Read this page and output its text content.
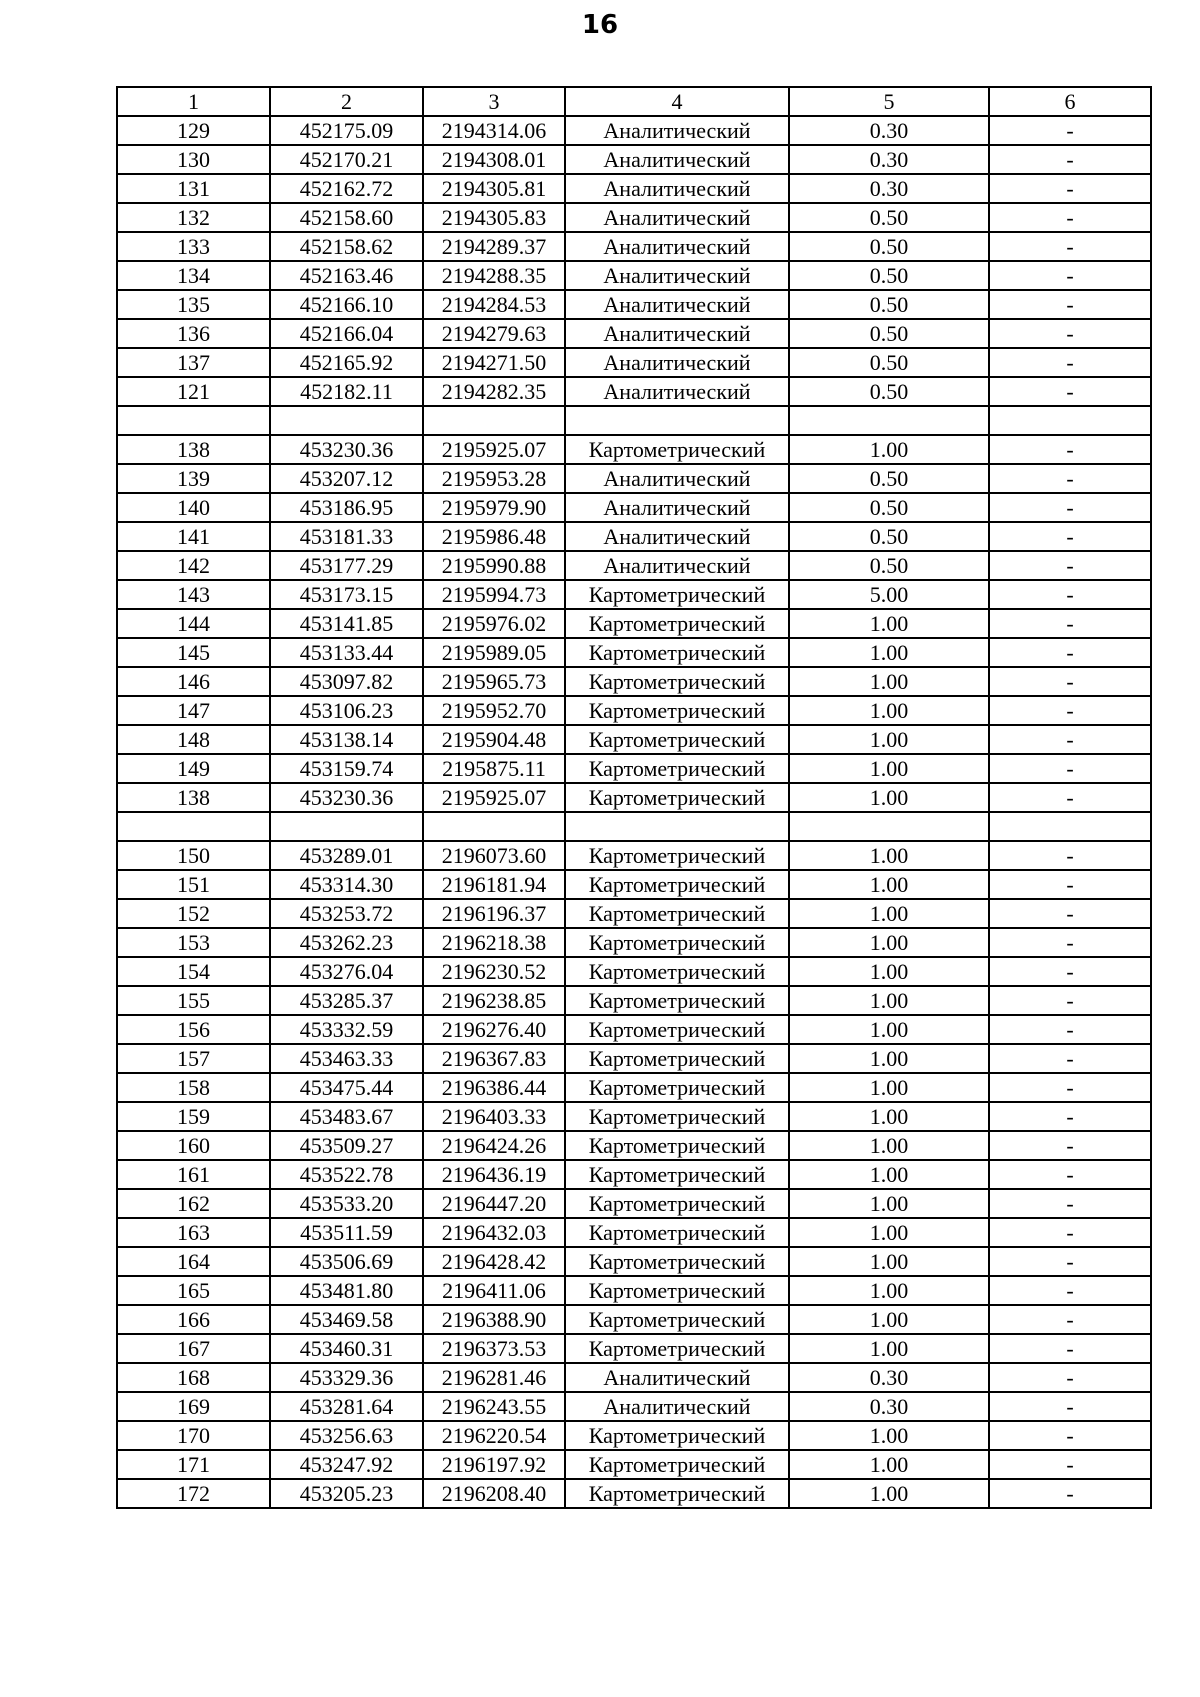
16
1	2	3	4	5	6
129	452175.09	2194314.06	Аналитический	0.30	-
130	452170.21	2194308.01	Аналитический	0.30	-
131	452162.72	2194305.81	Аналитический	0.30	-
132	452158.60	2194305.83	Аналитический	0.50	-
133	452158.62	2194289.37	Аналитический	0.50	-
134	452163.46	2194288.35	Аналитический	0.50	-
135	452166.10	2194284.53	Аналитический	0.50	-
136	452166.04	2194279.63	Аналитический	0.50	-
137	452165.92	2194271.50	Аналитический	0.50	-
121	452182.11	2194282.35	Аналитический	0.50	-

138	453230.36	2195925.07	Картометрический	1.00	-
139	453207.12	2195953.28	Аналитический	0.50	-
140	453186.95	2195979.90	Аналитический	0.50	-
141	453181.33	2195986.48	Аналитический	0.50	-
142	453177.29	2195990.88	Аналитический	0.50	-
143	453173.15	2195994.73	Картометрический	5.00	-
144	453141.85	2195976.02	Картометрический	1.00	-
145	453133.44	2195989.05	Картометрический	1.00	-
146	453097.82	2195965.73	Картометрический	1.00	-
147	453106.23	2195952.70	Картометрический	1.00	-
148	453138.14	2195904.48	Картометрический	1.00	-
149	453159.74	2195875.11	Картометрический	1.00	-
138	453230.36	2195925.07	Картометрический	1.00	-

150	453289.01	2196073.60	Картометрический	1.00	-
151	453314.30	2196181.94	Картометрический	1.00	-
152	453253.72	2196196.37	Картометрический	1.00	-
153	453262.23	2196218.38	Картометрический	1.00	-
154	453276.04	2196230.52	Картометрический	1.00	-
155	453285.37	2196238.85	Картометрический	1.00	-
156	453332.59	2196276.40	Картометрический	1.00	-
157	453463.33	2196367.83	Картометрический	1.00	-
158	453475.44	2196386.44	Картометрический	1.00	-
159	453483.67	2196403.33	Картометрический	1.00	-
160	453509.27	2196424.26	Картометрический	1.00	-
161	453522.78	2196436.19	Картометрический	1.00	-
162	453533.20	2196447.20	Картометрический	1.00	-
163	453511.59	2196432.03	Картометрический	1.00	-
164	453506.69	2196428.42	Картометрический	1.00	-
165	453481.80	2196411.06	Картометрический	1.00	-
166	453469.58	2196388.90	Картометрический	1.00	-
167	453460.31	2196373.53	Картометрический	1.00	-
168	453329.36	2196281.46	Аналитический	0.30	-
169	453281.64	2196243.55	Аналитический	0.30	-
170	453256.63	2196220.54	Картометрический	1.00	-
171	453247.92	2196197.92	Картометрический	1.00	-
172	453205.23	2196208.40	Картометрический	1.00	-
